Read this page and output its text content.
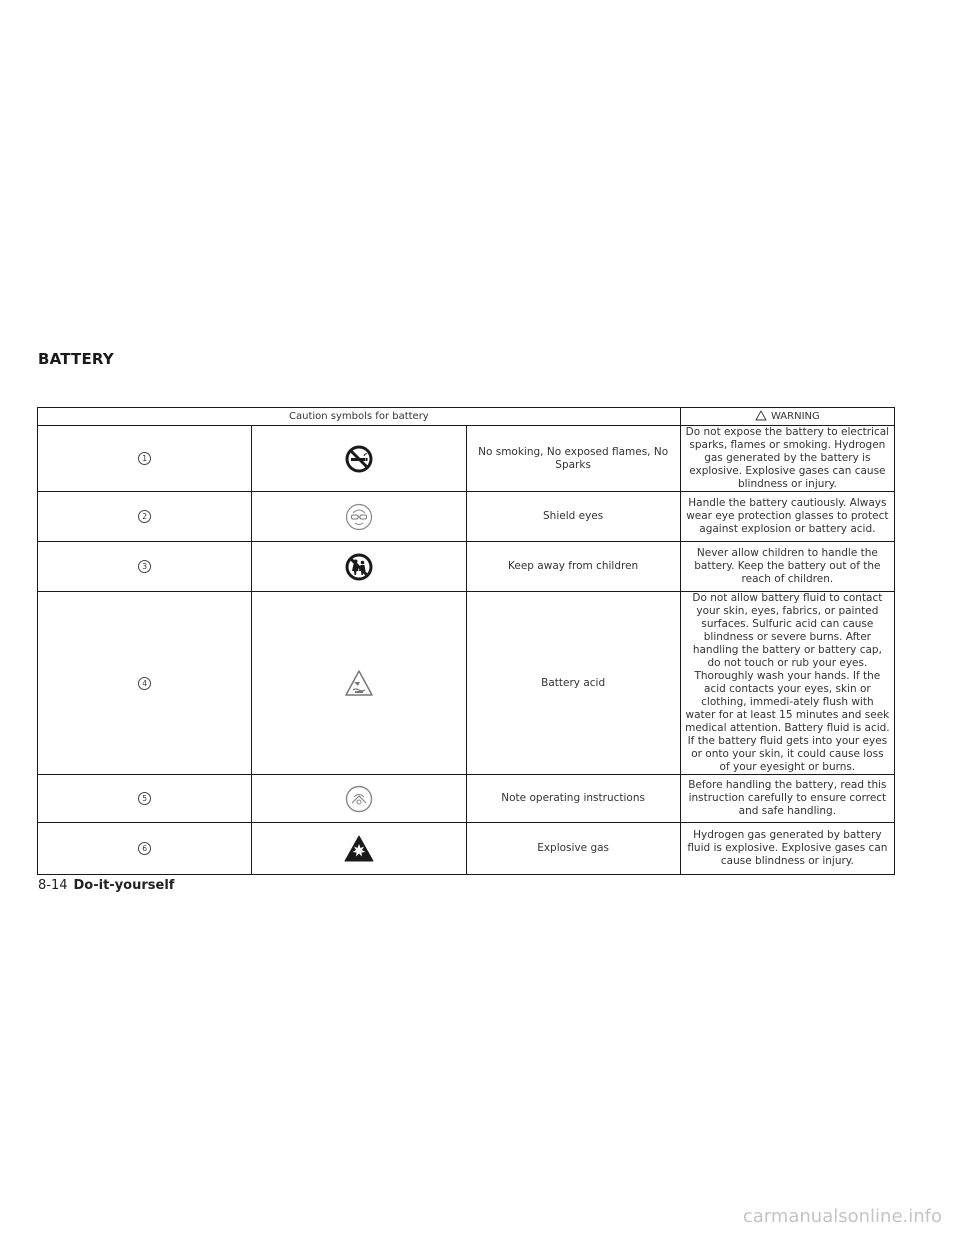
BATTERY
Caution symbols for battery			WARNING
1		No smoking, No exposed flames, No Sparks	Do not expose the battery to electrical sparks, flames or smoking. Hydrogen gas generated by the battery is explosive. Explosive gases can cause blindness or injury.
2		Shield eyes	Handle the battery cautiously. Always wear eye protection glasses to protect against explosion or battery acid.
3		Keep away from children	Never allow children to handle the battery. Keep the battery out of the reach of children.
4		Battery acid	Do not allow battery fluid to contact your skin, eyes, fabrics, or painted surfaces. Sulfuric acid can cause blindness or severe burns. After handling the battery or battery cap, do not touch or rub your eyes. Thoroughly wash your hands. If the acid contacts your eyes, skin or clothing, immedi-ately flush with water for at least 15 minutes and seek medical attention. Battery fluid is acid. If the battery fluid gets into your eyes or onto your skin, it could cause loss of your eyesight or burns.
5		Note operating instructions	Before handling the battery, read this instruction carefully to ensure correct and safe handling.
6		Explosive gas	Hydrogen gas generated by battery fluid is explosive. Explosive gases can cause blindness or injury.
8-14 Do-it-yourself
carmanualsonline.info
